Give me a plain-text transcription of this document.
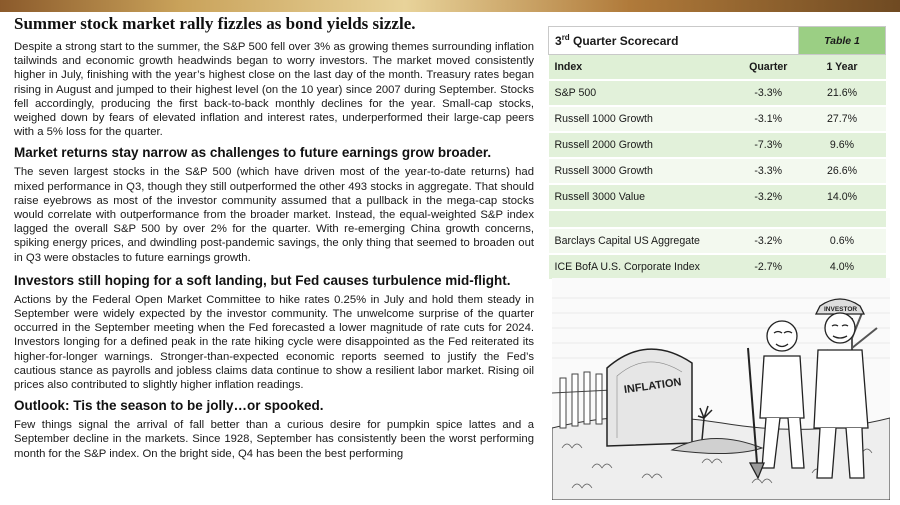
Summer stock market rally fizzles as bond yields sizzle.

Despite a strong start to the summer, the S&P 500 fell over 3% as growing themes surrounding inflation tailwinds and economic growth headwinds began to worry investors. The market moved consistently higher in July, finishing with the year’s highest close on the last day of the month. Treasury rates began rising in August and jumped to their highest level (on the 10 year) since 2007 during September. Stocks fell accordingly, producing the first back-to-back monthly declines for the year. Small-cap stocks, weighed down by fears of elevated inflation and interest rates, underperformed their large-cap peers with a 5% loss for the quarter.

Market returns stay narrow as challenges to future earnings grow broader.

The seven largest stocks in the S&P 500 (which have driven most of the year-to-date returns) had mixed performance in Q3, though they still outperformed the other 493 stocks in aggregate. That should raise eyebrows as most of the investor community assumed that a pullback in the mega-cap stocks would correlate with outperformance from the broader market. Instead, the equal-weighted S&P index lagged the overall S&P 500 by over 2% for the quarter. With re-emerging China growth concerns, spiking energy prices, and dwindling post-pandemic savings, the only thing that seemed to broaden out in Q3 were obstacles to future earnings growth.

Investors still hoping for a soft landing, but Fed causes turbulence mid-flight.

Actions by the Federal Open Market Committee to hike rates 0.25% in July and hold them steady in September were widely expected by the investor community. The unwelcome surprise of the quarter occurred in the September meeting when the Fed forecasted a lower magnitude of rate cuts for 2024. Investors longing for a defined peak in the rate hiking cycle were disappointed as the Fed reiterated its higher-for-longer warnings. Stronger-than-expected economic reports seemed to justify the Fed’s cautious stance as payrolls and jobless claims data continue to show a resilient labor market. Rising oil prices also contributed to slightly higher inflation readings.

Outlook: Tis the season to be jolly…or spooked.

Few things signal the arrival of fall better than a curious desire for pumpkin spice lattes and a September decline in the markets. Since 1928, September has consistently been the worst performing month for the S&P index. On the bright side, Q4 has been the best performing

3rd Quarter Scorecard		Table 1
Index	Quarter	1 Year
S&P 500	-3.3%	21.6%
Russell 1000 Growth	-3.1%	27.7%
Russell 2000 Growth	-7.3%	9.6%
Russell 3000 Growth	-3.3%	26.6%
Russell 3000 Value	-3.2%	14.0%

Barclays Capital US Aggregate	-3.2%	0.6%
ICE BofA U.S. Corporate Index	-2.7%	4.0%
INFLATION
INVESTOR
